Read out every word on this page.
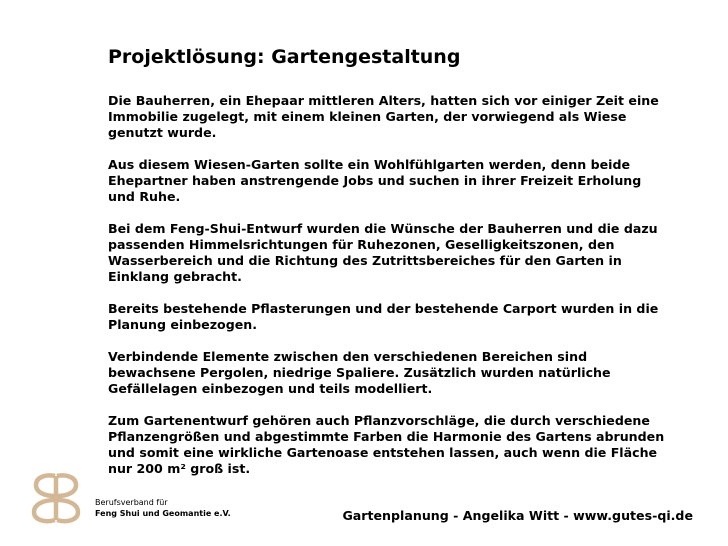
Projektlösung: Gartengestaltung

Die Bauherren, ein Ehepaar mittleren Alters, hatten sich vor einiger Zeit eine
Immobilie zugelegt, mit einem kleinen Garten, der vorwiegend als Wiese
genutzt wurde.

Aus diesem Wiesen-Garten sollte ein Wohlfühlgarten werden, denn beide
Ehepartner haben anstrengende Jobs und suchen in ihrer Freizeit Erholung
und Ruhe.

Bei dem Feng-Shui-Entwurf wurden die Wünsche der Bauherren und die dazu
passenden Himmelsrichtungen für Ruhezonen, Geselligkeitszonen, den
Wasserbereich und die Richtung des Zutrittsbereiches für den Garten in
Einklang gebracht.

Bereits bestehende Pflasterungen und der bestehende Carport wurden in die
Planung einbezogen.

Verbindende Elemente zwischen den verschiedenen Bereichen sind
bewachsene Pergolen, niedrige Spaliere. Zusätzlich wurden natürliche
Gefällelagen einbezogen und teils modelliert.

Zum Gartenentwurf gehören auch Pflanzvorschläge, die durch verschiedene
Pflanzengrößen und abgestimmte Farben die Harmonie des Gartens abrunden
und somit eine wirkliche Gartenoase entstehen lassen, auch wenn die Fläche
nur 200 m² groß ist.

Berufsverband für
Feng Shui und Geomantie e.V.	Gartenplanung - Angelika Witt - www.gutes-qi.de
